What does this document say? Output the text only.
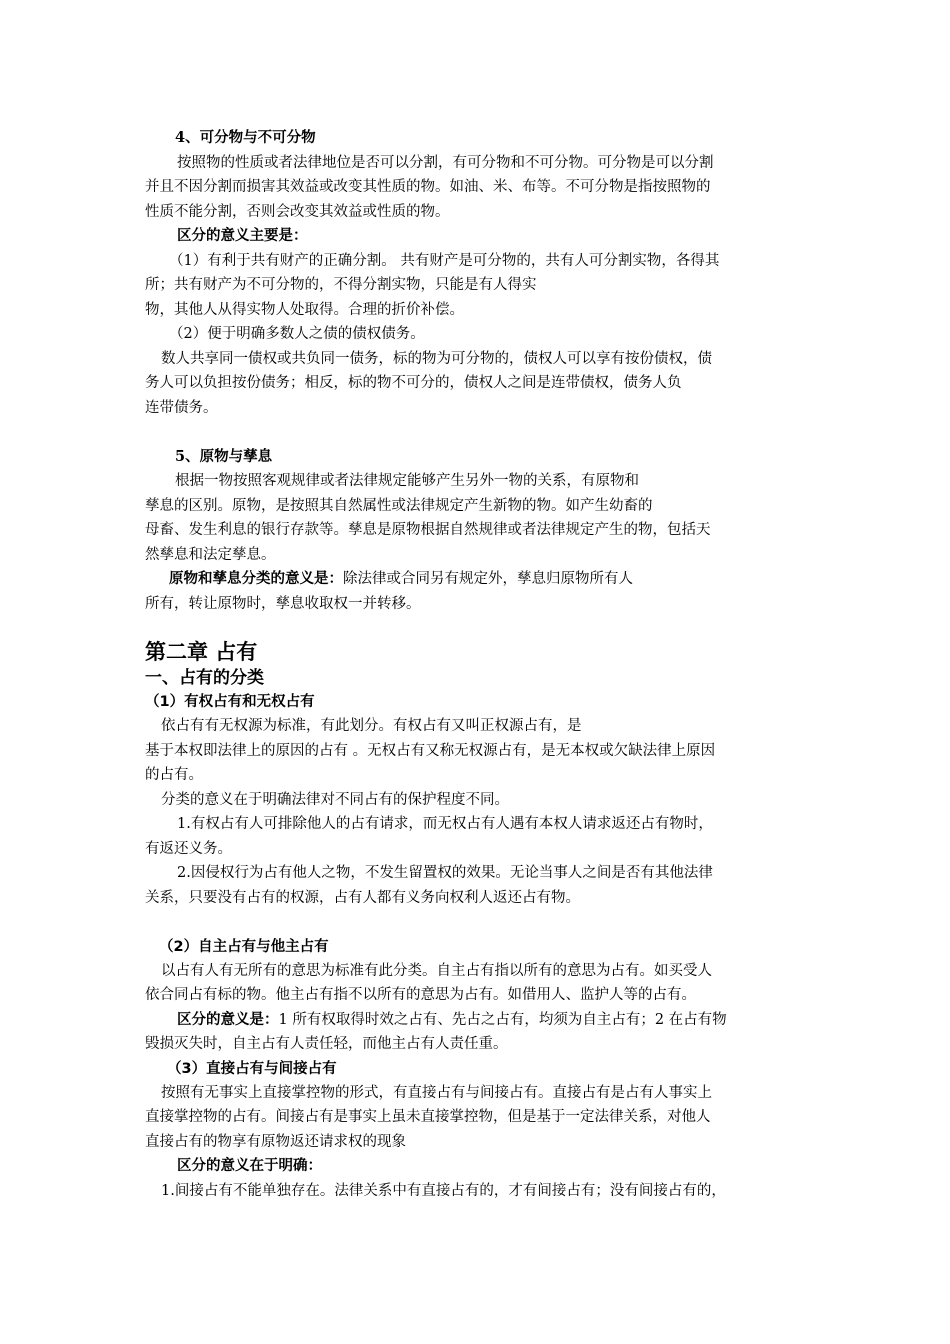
4、可分物与不可分物
按照物的性质或者法律地位是否可以分割，有可分物和不可分物。可分物是可以分割
并且不因分割而损害其效益或改变其性质的物。如油、米、布等。不可分物是指按照物的
性质不能分割，否则会改变其效益或性质的物。
区分的意义主要是：
（1）有利于共有财产的正确分割。 共有财产是可分物的，共有人可分割实物，各得其
所；共有财产为不可分物的，不得分割实物，只能是有人得实
物，其他人从得实物人处取得。合理的折价补偿。
（2）便于明确多数人之债的债权债务。
数人共享同一债权或共负同一债务，标的物为可分物的，债权人可以享有按份债权，债
务人可以负担按份债务；相反，标的物不可分的，债权人之间是连带债权，债务人负
连带债务。
5、原物与孳息
根据一物按照客观规律或者法律规定能够产生另外一物的关系，有原物和
孳息的区别。原物，是按照其自然属性或法律规定产生新物的物。如产生幼畜的
母畜、发生利息的银行存款等。孳息是原物根据自然规律或者法律规定产生的物，包括天
然孳息和法定孳息。
原物和孳息分类的意义是：除法律或合同另有规定外，孳息归原物所有人
所有，转让原物时，孳息收取权一并转移。
第二章 占有
一、占有的分类
（1）有权占有和无权占有
依占有有无权源为标准，有此划分。有权占有又叫正权源占有，是
基于本权即法律上的原因的占有 。无权占有又称无权源占有，是无本权或欠缺法律上原因
的占有。
分类的意义在于明确法律对不同占有的保护程度不同。
1.有权占有人可排除他人的占有请求，而无权占有人遇有本权人请求返还占有物时，
有返还义务。
2.因侵权行为占有他人之物，不发生留置权的效果。无论当事人之间是否有其他法律
关系，只要没有占有的权源，占有人都有义务向权利人返还占有物。
（2）自主占有与他主占有
以占有人有无所有的意思为标准有此分类。自主占有指以所有的意思为占有。如买受人
依合同占有标的物。他主占有指不以所有的意思为占有。如借用人、监护人等的占有。
区分的意义是：1 所有权取得时效之占有、先占之占有，均须为自主占有；2 在占有物
毁损灭失时，自主占有人责任轻，而他主占有人责任重。
（3）直接占有与间接占有
按照有无事实上直接掌控物的形式，有直接占有与间接占有。直接占有是占有人事实上
直接掌控物的占有。间接占有是事实上虽未直接掌控物，但是基于一定法律关系，对他人
直接占有的物享有原物返还请求权的现象
区分的意义在于明确：
1.间接占有不能单独存在。法律关系中有直接占有的，才有间接占有；没有间接占有的，
